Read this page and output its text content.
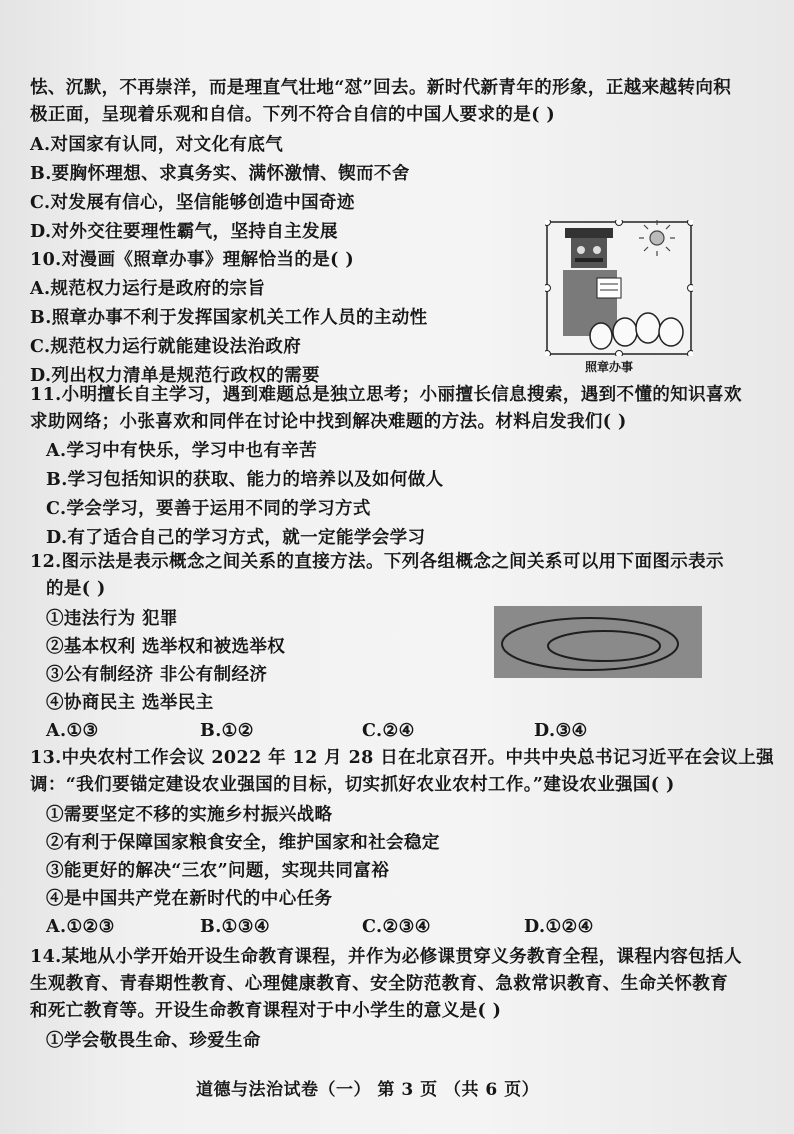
怯、沉默，不再崇洋，而是理直气壮地“怼”回去。新时代新青年的形象，正越来越转向积
极正面，呈现着乐观和自信。下列不符合自信的中国人要求的是( )
A.对国家有认同，对文化有底气
B.要胸怀理想、求真务实、满怀激情、锲而不舍
C.对发展有信心，坚信能够创造中国奇迹
D.对外交往要理性霸气，坚持自主发展
10.对漫画《照章办事》理解恰当的是( )
A.规范权力运行是政府的宗旨
B.照章办事不利于发挥国家机关工作人员的主动性
C.规范权力运行就能建设法治政府
D.列出权力清单是规范行政权的需要	照章办事
11.小明擅长自主学习，遇到难题总是独立思考；小丽擅长信息搜索，遇到不懂的知识喜欢
求助网络；小张喜欢和同伴在讨论中找到解决难题的方法。材料启发我们( )
A.学习中有快乐，学习中也有辛苦
B.学习包括知识的获取、能力的培养以及如何做人
C.学会学习，要善于运用不同的学习方式
D.有了适合自己的学习方式，就一定能学会学习
12.图示法是表示概念之间关系的直接方法。下列各组概念之间关系可以用下面图示表示
的是( )
①违法行为 犯罪
②基本权利 选举权和被选举权
③公有制经济 非公有制经济
④协商民主 选举民主
A.①③	B.①②	C.②④	D.③④
13.中央农村工作会议 2022 年 12 月 28 日在北京召开。中共中央总书记习近平在会议上强
调：“我们要锚定建设农业强国的目标，切实抓好农业农村工作。”建设农业强国( )
①需要坚定不移的实施乡村振兴战略
②有利于保障国家粮食安全，维护国家和社会稳定
③能更好的解决“三农”问题，实现共同富裕
④是中国共产党在新时代的中心任务
A.①②③	B.①③④	C.②③④	D.①②④
14.某地从小学开始开设生命教育课程，并作为必修课贯穿义务教育全程，课程内容包括人
生观教育、青春期性教育、心理健康教育、安全防范教育、急救常识教育、生命关怀教育
和死亡教育等。开设生命教育课程对于中小学生的意义是( )
①学会敬畏生命、珍爱生命
道德与法治试卷（一） 第 3 页 （共 6 页）
